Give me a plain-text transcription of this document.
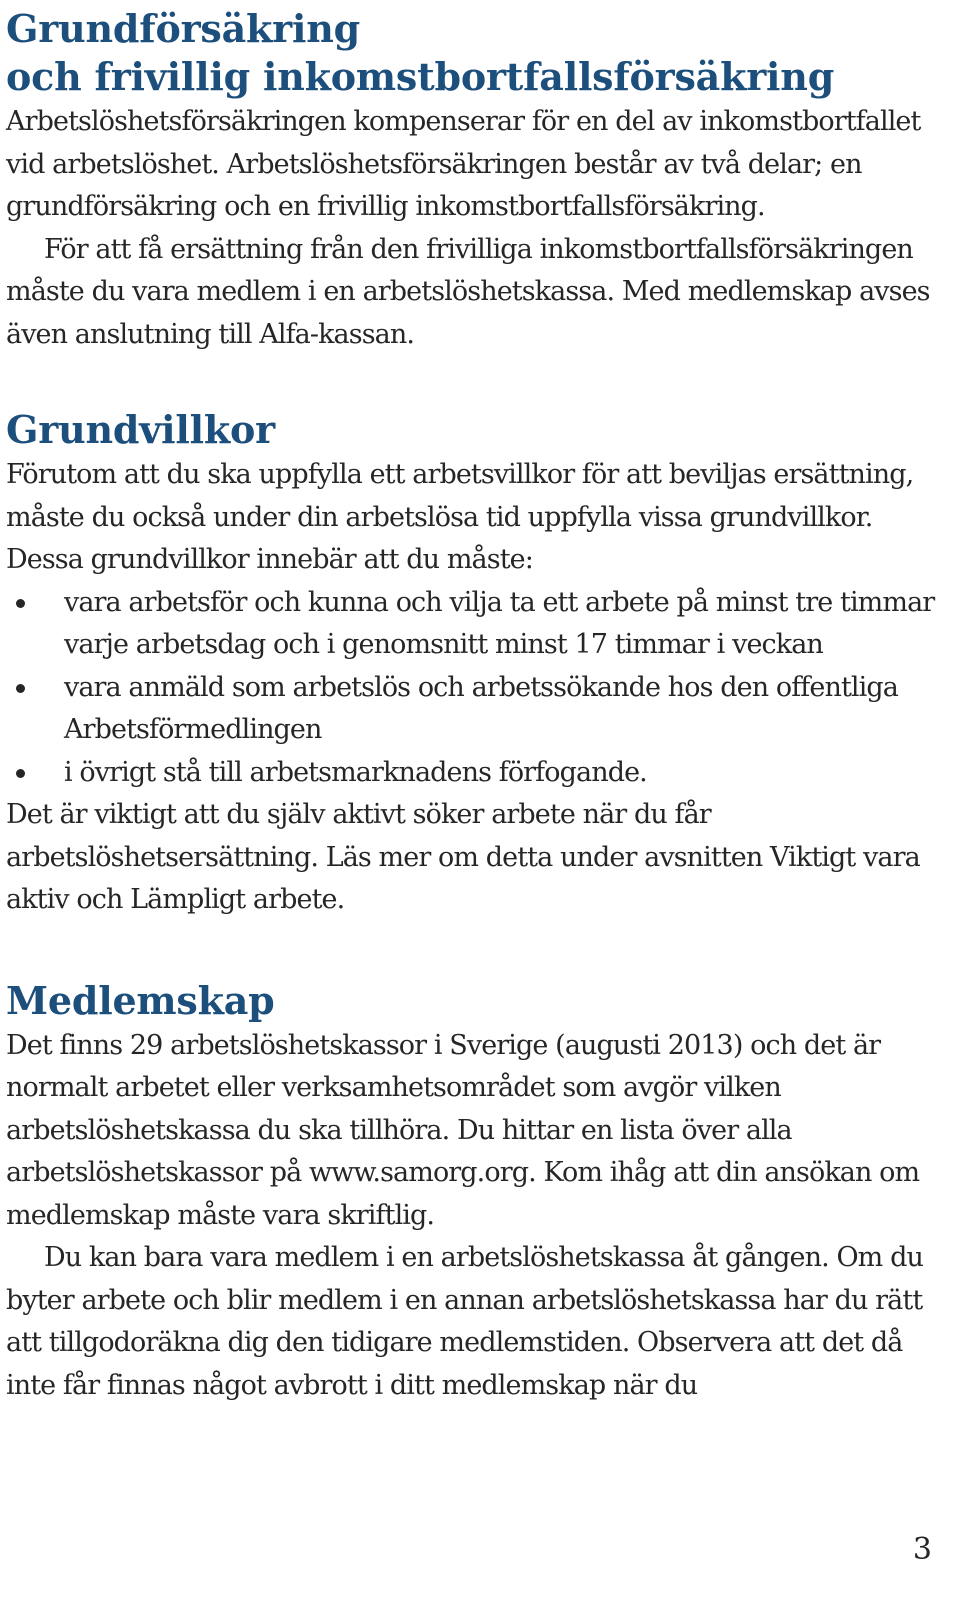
Grundförsäkring
och frivillig inkomstbortfallsförsäkring

Arbetslöshetsförsäkringen kompenserar för en del av inkomstbortfallet vid arbetslöshet. Arbetslöshetsförsäkringen består av två delar; en grundförsäkring och en frivillig inkomstbortfallsförsäkring.

För att få ersättning från den frivilliga inkomstbortfallsförsäkringen måste du vara medlem i en arbetslöshetskassa. Med medlemskap avses även anslutning till Alfa-kassan.

Grundvillkor

Förutom att du ska uppfylla ett arbetsvillkor för att beviljas ersättning, måste du också under din arbetslösa tid uppfylla vissa grundvillkor. Dessa grundvillkor innebär att du måste:

vara arbetsför och kunna och vilja ta ett arbete på minst tre timmar varje arbetsdag och i genomsnitt minst 17 timmar i veckan
vara anmäld som arbetslös och arbetssökande hos den offentliga Arbetsförmedlingen
i övrigt stå till arbetsmarknadens förfogande.

Det är viktigt att du själv aktivt söker arbete när du får arbetslöshetsersättning. Läs mer om detta under avsnitten Viktigt vara aktiv och Lämpligt arbete.

Medlemskap

Det finns 29 arbetslöshetskassor i Sverige (augusti 2013) och det är normalt arbetet eller verksamhetsområdet som avgör vilken arbetslöshetskassa du ska tillhöra. Du hittar en lista över alla arbetslöshetskassor på www.samorg.org. Kom ihåg att din ansökan om medlemskap måste vara skriftlig.

Du kan bara vara medlem i en arbetslöshetskassa åt gången. Om du byter arbete och blir medlem i en annan arbetslöshetskassa har du rätt att tillgodoräkna dig den tidigare medlemstiden. Observera att det då inte får finnas något avbrott i ditt medlemskap när du

3
